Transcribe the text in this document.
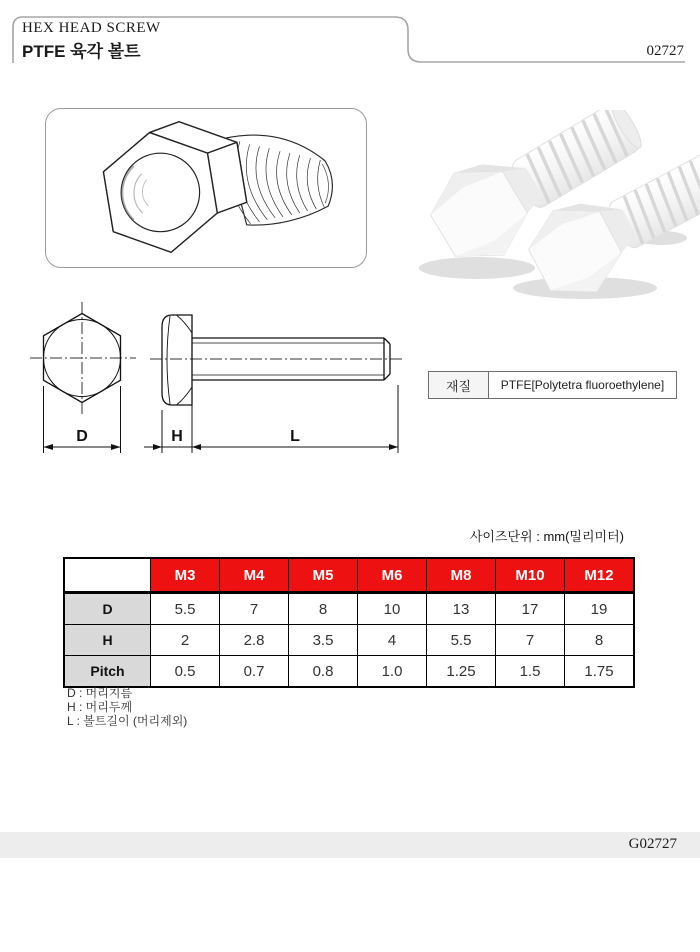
HEX HEAD SCREW
PTFE 육각 볼트	02727
D	H	L
재질	PTFE[Polytetra fluoroethylene]
사이즈단위 : mm(밀리미터)
	M3	M4	M5	M6	M8	M10	M12
D	5.5	7	8	10	13	17	19
H	2	2.8	3.5	4	5.5	7	8
Pitch	0.5	0.7	0.8	1.0	1.25	1.5	1.75
D : 머리지름
H : 머리두께
L : 볼트길이 (머리제외)
G02727
